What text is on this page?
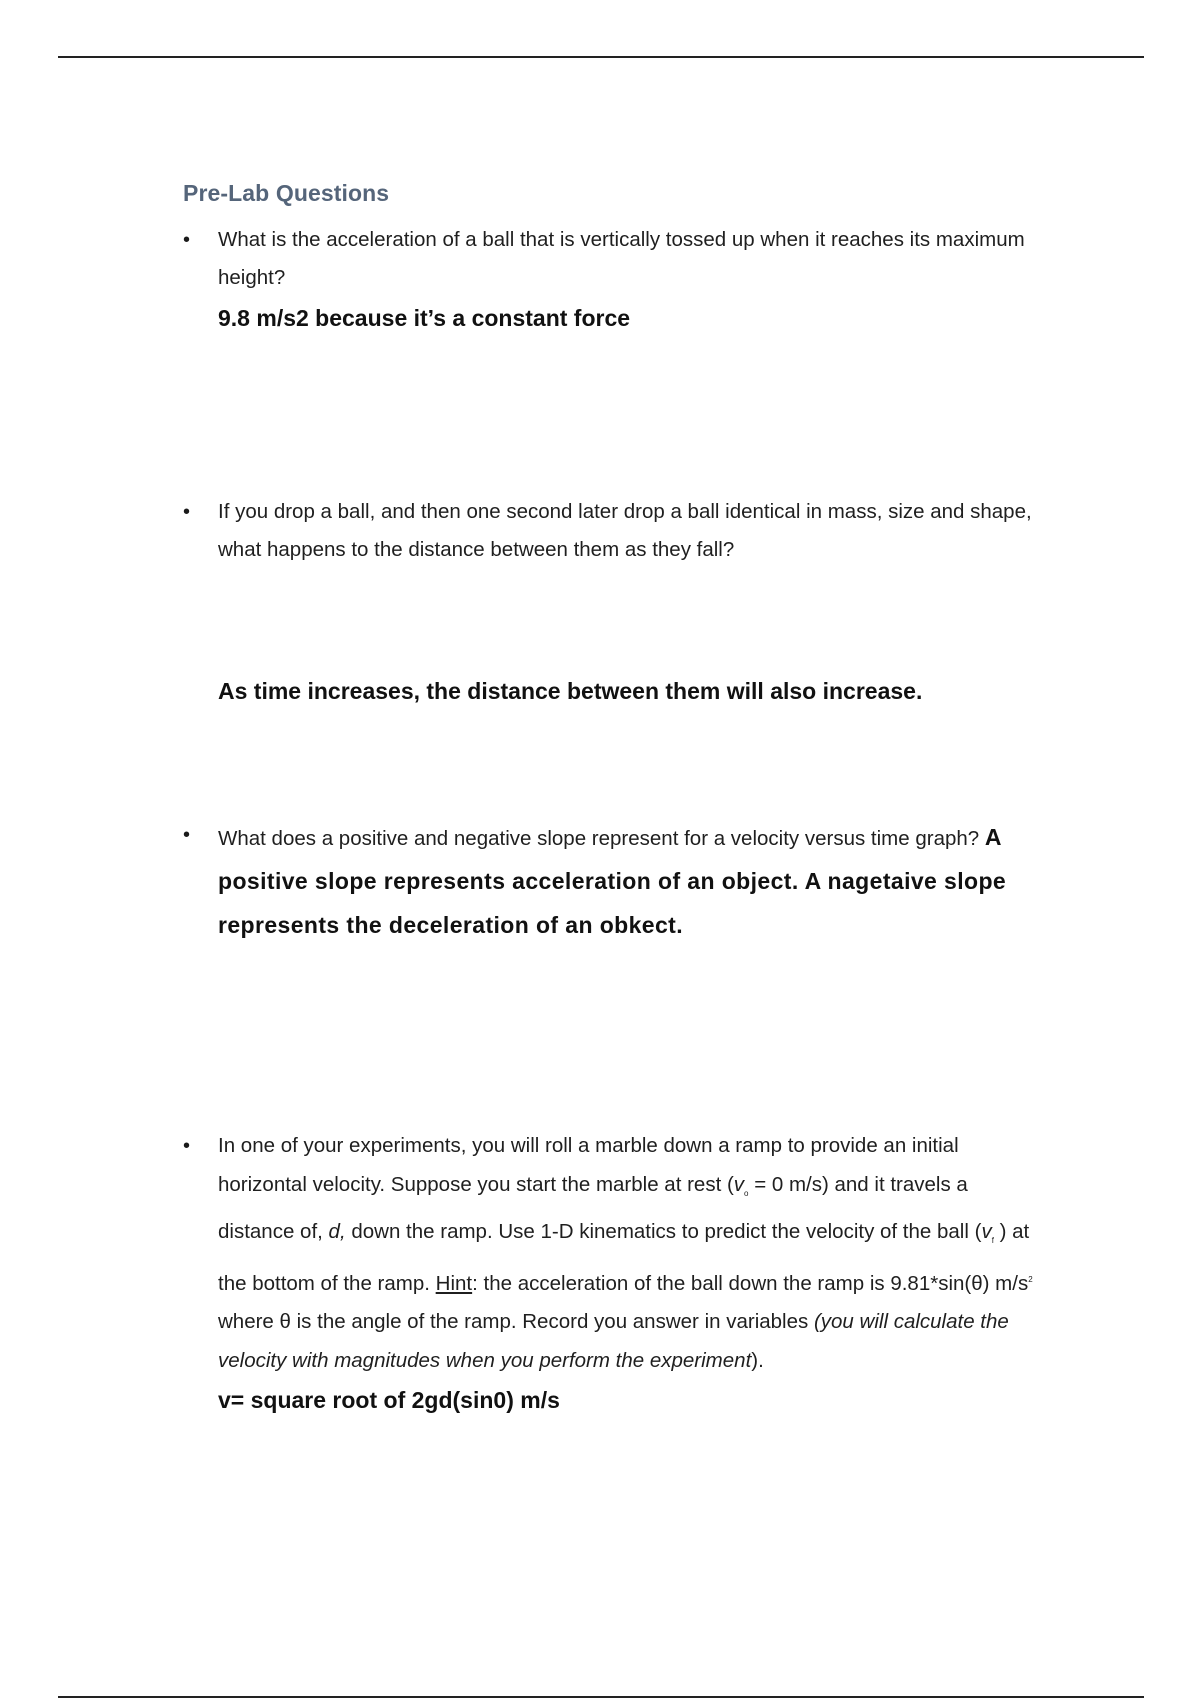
Pre-Lab Questions
• What is the acceleration of a ball that is vertically tossed up when it reaches its maximum height?

9.8 m/s2 because it’s a constant force

• If you drop a ball, and then one second later drop a ball identical in mass, size and shape, what happens to the distance between them as they fall?

As time increases, the distance between them will also increase.

• What does a positive and negative slope represent for a velocity versus time graph? A positive slope represents acceleration of an object. A nagetaive slope represents the deceleration of an obkect.

• In one of your experiments, you will roll a marble down a ramp to provide an initial horizontal velocity. Suppose you start the marble at rest ($v_o = 0$ m/s) and it travels a distance of, d, down the ramp. Use 1-D kinematics to predict the velocity of the ball ($v_f$ ) at the bottom of the ramp. Hint: the acceleration of the ball down the ramp is 9.81*sin(θ) $m/s^2$ where θ is the angle of the ramp. Record you answer in variables (you will calculate the velocity with magnitudes when you perform the experiment).

v= square root of 2gd(sin0) m/s
